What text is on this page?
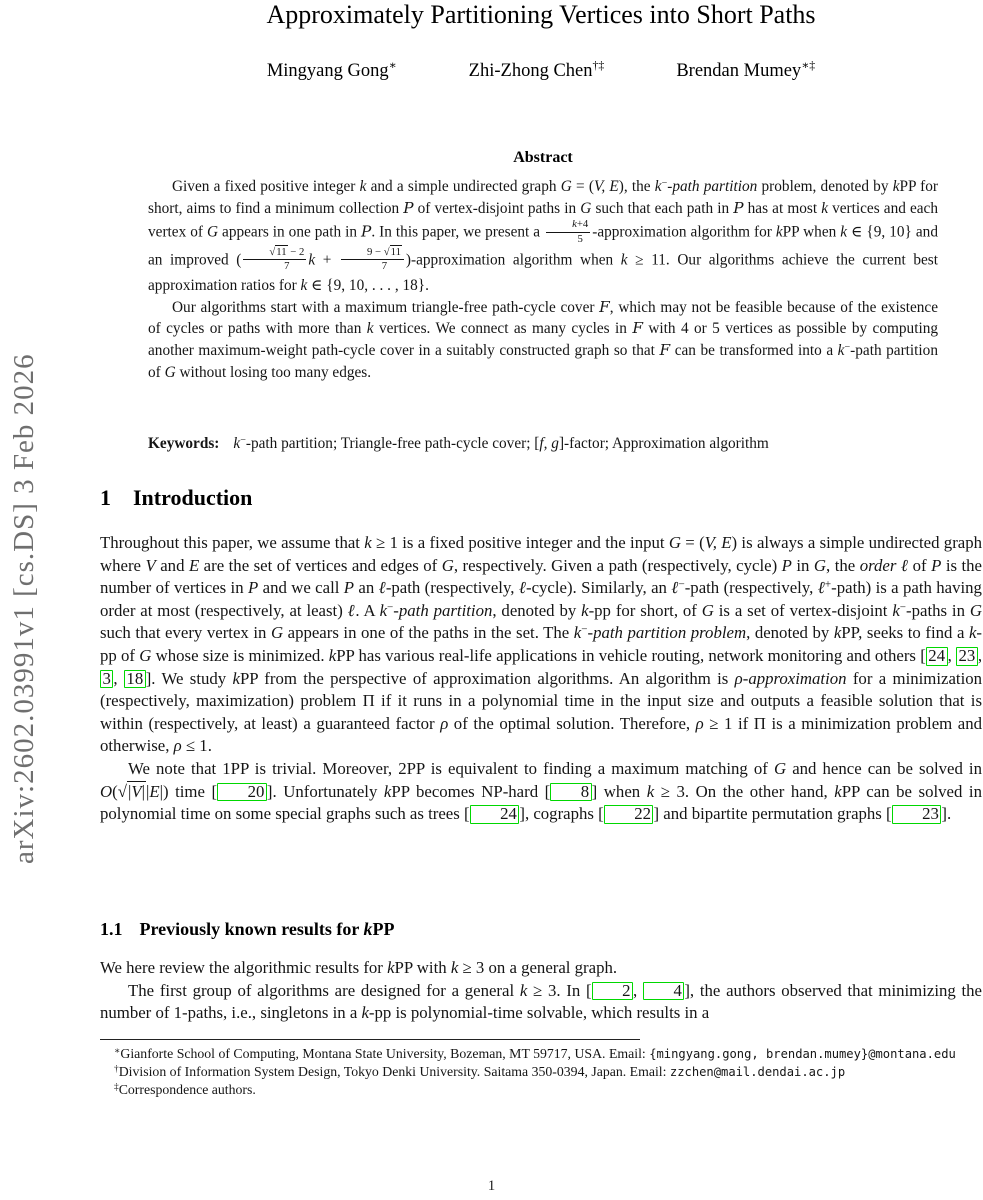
arXiv:2602.03991v1 [cs.DS] 3 Feb 2026
Approximately Partitioning Vertices into Short Paths
Mingyang Gong∗	Zhi-Zhong Chen†‡	Brendan Mumey∗‡
Abstract

Given a fixed positive integer k and a simple undirected graph G = (V, E), the k−-path partition problem, denoted by kPP for short, aims to find a minimum collection P of vertex-disjoint paths in G such that each path in P has at most k vertices and each vertex of G appears in one path in P. In this paper, we present a $\frac{k+4}{5}$ -approximation algorithm for kPP when k ∈ {9, 10} and an improved ( $\frac{√11 - 2}{7}$ $k + \frac{9 - √11}{7}$ )-approximation algorithm when k ≥ 11. Our algorithms achieve the current best approximation ratios for k ∈ {9, 10, . . . , 18}.

Our algorithms start with a maximum triangle-free path-cycle cover F, which may not be feasible because of the existence of cycles or paths with more than k vertices. We connect as many cycles in F with 4 or 5 vertices as possible by computing another maximum-weight path-cycle cover in a suitably constructed graph so that F can be transformed into a k−-path partition of G without losing too many edges.

Keywords: k−-path partition; Triangle-free path-cycle cover; [f, g]-factor; Approximation algorithm
1 Introduction

Throughout this paper, we assume that k ≥ 1 is a fixed positive integer and the input G = (V, E) is always a simple undirected graph where V and E are the set of vertices and edges of G, respectively. Given a path (respectively, cycle) P in G, the order ℓ of P is the number of vertices in P and we call P an ℓ-path (respectively, ℓ-cycle). Similarly, an ℓ−-path (respectively, ℓ+-path) is a path having order at most (respectively, at least) ℓ. A k−-path partition, denoted by k-pp for short, of G is a set of vertex-disjoint k−-paths in G such that every vertex in G appears in one of the paths in the set. The k−-path partition problem, denoted by kPP, seeks to find a k-pp of G whose size is minimized. kPP has various real-life applications in vehicle routing, network monitoring and others [ 24 , 23 , 3 , 18 ]. We study kPP from the perspective of approximation algorithms. An algorithm is ρ-approximation for a minimization (respectively, maximization) problem Π if it runs in a polynomial time in the input size and outputs a feasible solution that is within (respectively, at least) a guaranteed factor ρ of the optimal solution. Therefore, ρ ≥ 1 if Π is a minimization problem and otherwise, ρ ≤ 1.

We note that 1PP is trivial. Moreover, 2PP is equivalent to finding a maximum matching of G and hence can be solved in O(√|V||E|) time [ 20 ]. Unfortunately kPP becomes NP-hard [ 8 ] when k ≥ 3. On the other hand, kPP can be solved in polynomial time on some special graphs such as trees [ 24 ], cographs [ 22 ] and bipartite permutation graphs [ 23 ].

1.1 Previously known results for kPP

We here review the algorithmic results for kPP with k ≥ 3 on a general graph.

The first group of algorithms are designed for a general k ≥ 3. In [ 2 , 4 ], the authors observed that minimizing the number of 1-paths, i.e., singletons in a k-pp is polynomial-time solvable, which results in a

∗Gianforte School of Computing, Montana State University, Bozeman, MT 59717, USA. Email: {mingyang.gong, brendan.mumey}@montana.edu

†Division of Information System Design, Tokyo Denki University. Saitama 350-0394, Japan. Email: zzchen@mail.dendai.ac.jp

‡Correspondence authors.

1
